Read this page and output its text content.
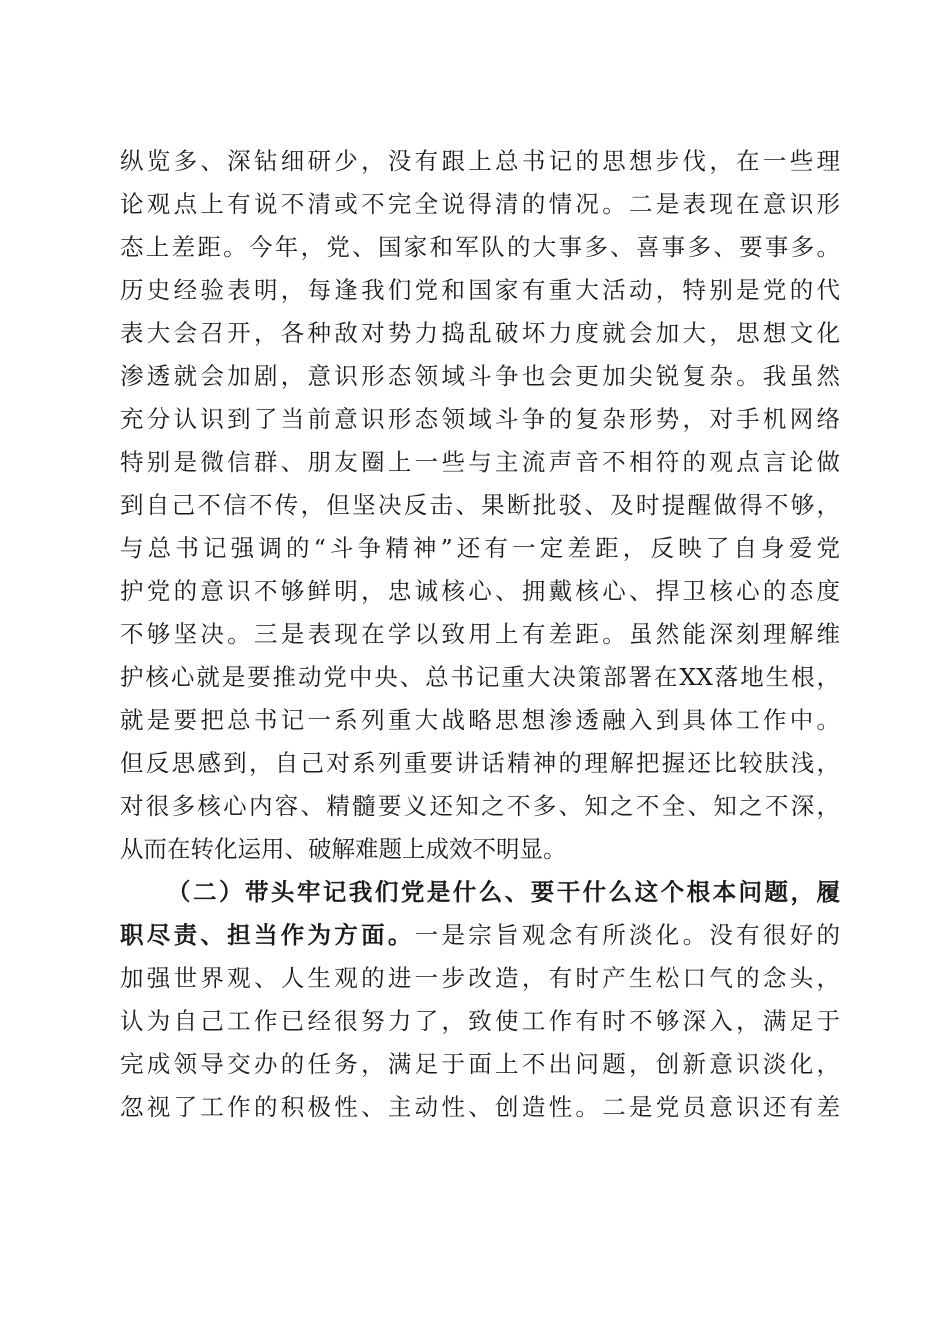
纵览多、深钻细研少，没有跟上总书记的思想步伐，在一些理
论观点上有说不清或不完全说得清的情况。二是表现在意识形
态上差距。今年，党、国家和军队的大事多、喜事多、要事多。
历史经验表明，每逢我们党和国家有重大活动，特别是党的代
表大会召开，各种敌对势力捣乱破坏力度就会加大，思想文化
渗透就会加剧，意识形态领域斗争也会更加尖锐复杂。我虽然
充分认识到了当前意识形态领域斗争的复杂形势，对手机网络
特别是微信群、朋友圈上一些与主流声音不相符的观点言论做
到自己不信不传，但坚决反击、果断批驳、及时提醒做得不够，
与总书记强调的“斗争精神”还有一定差距，反映了自身爱党
护党的意识不够鲜明，忠诚核心、拥戴核心、捍卫核心的态度
不够坚决。三是表现在学以致用上有差距。虽然能深刻理解维
护核心就是要推动党中央、总书记重大决策部署在XX落地生根，
就是要把总书记一系列重大战略思想渗透融入到具体工作中。
但反思感到，自己对系列重要讲话精神的理解把握还比较肤浅，
对很多核心内容、精髓要义还知之不多、知之不全、知之不深，
从而在转化运用、破解难题上成效不明显。
（二）带头牢记我们党是什么、要干什么这个根本问题，履
职尽责、担当作为方面。一是宗旨观念有所淡化。没有很好的
加强世界观、人生观的进一步改造，有时产生松口气的念头，
认为自己工作已经很努力了，致使工作有时不够深入，满足于
完成领导交办的任务，满足于面上不出问题，创新意识淡化，
忽视了工作的积极性、主动性、创造性。二是党员意识还有差
